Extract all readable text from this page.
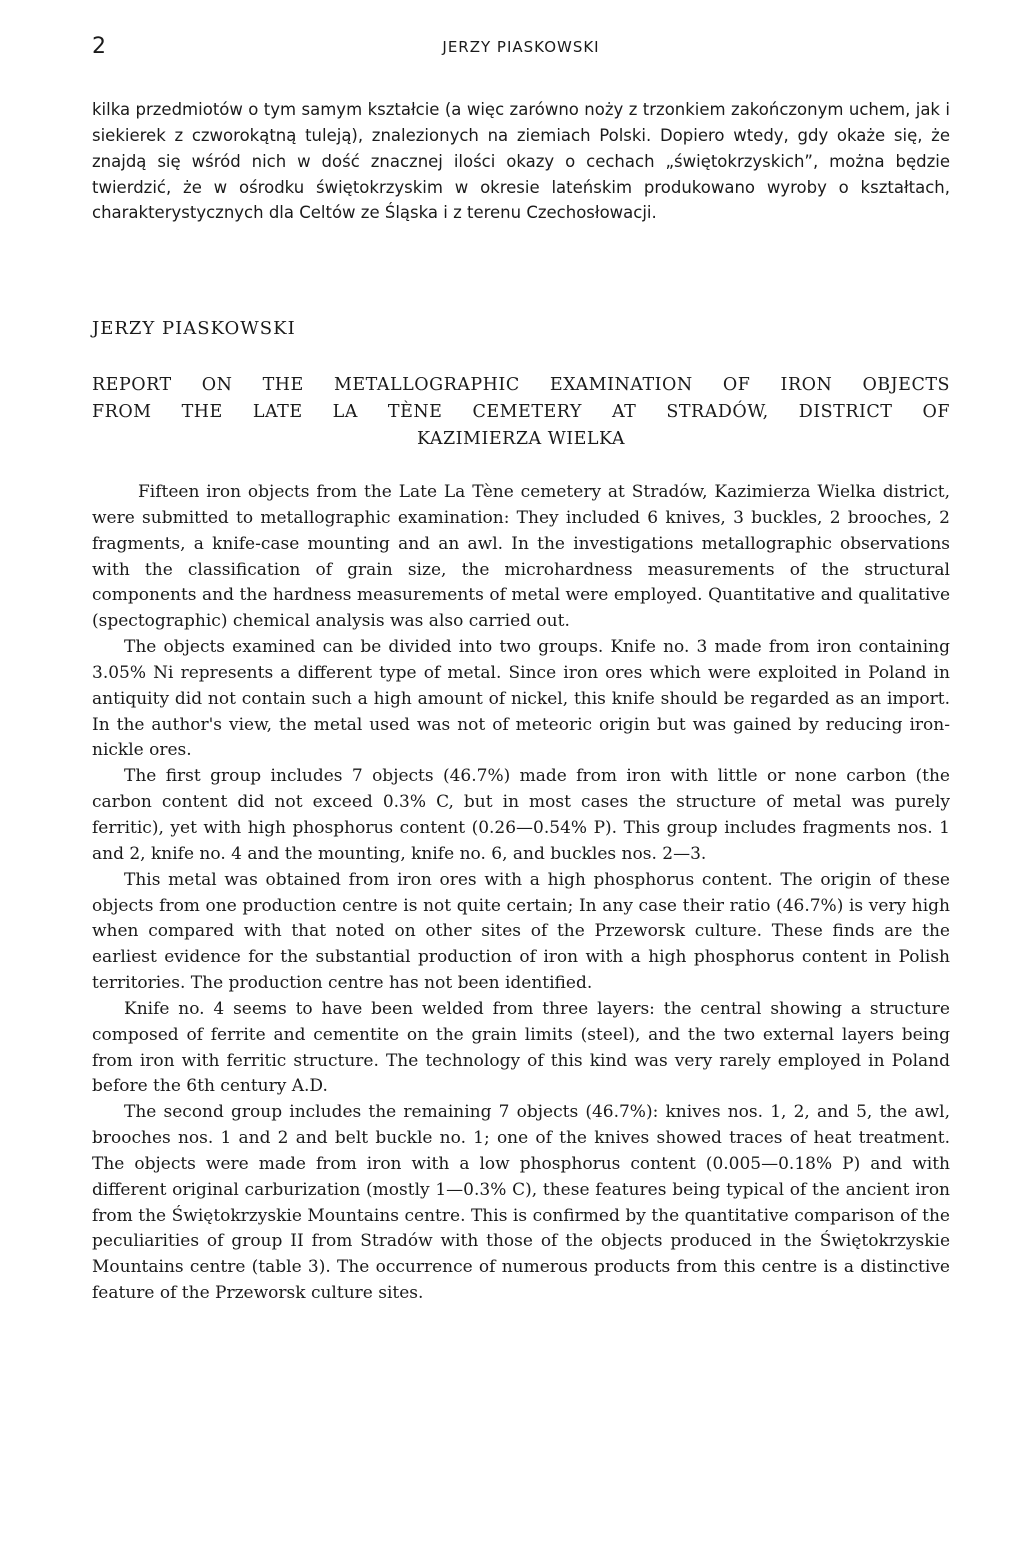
2	JERZY PIASKOWSKI
kilka przedmiotów o tym samym kształcie (a więc zarówno noży z trzonkiem zakończonym uchem, jak i siekierek z czworokątną tuleją), znalezionych na ziemiach Polski. Dopiero wtedy, gdy okaże się, że znajdą się wśród nich w dość znacznej ilości okazy o cechach „świętokrzyskich”, można będzie twierdzić, że w ośrodku świętokrzyskim w okresie lateńskim produkowano wyroby o kształtach, charakterystycznych dla Celtów ze Śląska i z terenu Czechosłowacji.
JERZY PIASKOWSKI
REPORT ON THE METALLOGRAPHIC EXAMINATION OF IRON OBJECTS
FROM THE LATE LA TÈNE CEMETERY AT STRADÓW, DISTRICT OF
KAZIMIERZA WIELKA

Fifteen iron objects from the Late La Tène cemetery at Stradów, Kazimierza Wielka district, were submitted to metallographic examination: They included 6 knives, 3 buckles, 2 brooches, 2 fragments, a knife-case mounting and an awl. In the investigations metallographic observations with the classification of grain size, the microhardness measurements of the structural components and the hardness measurements of metal were employed. Quantitative and qualitative (spectographic) chemical analysis was also carried out.

The objects examined can be divided into two groups. Knife no. 3 made from iron containing 3.05% Ni represents a different type of metal. Since iron ores which were exploited in Poland in antiquity did not contain such a high amount of nickel, this knife should be regarded as an import. In the author's view, the metal used was not of meteoric origin but was gained by reducing iron-nickle ores.

The first group includes 7 objects (46.7%) made from iron with little or none carbon (the carbon content did not exceed 0.3% C, but in most cases the structure of metal was purely ferritic), yet with high phosphorus content (0.26—0.54% P). This group includes fragments nos. 1 and 2, knife no. 4 and the mounting, knife no. 6, and buckles nos. 2—3.

This metal was obtained from iron ores with a high phosphorus content. The origin of these objects from one production centre is not quite certain; In any case their ratio (46.7%) is very high when compared with that noted on other sites of the Przeworsk culture. These finds are the earliest evidence for the substantial production of iron with a high phosphorus content in Polish territories. The production centre has not been identified.

Knife no. 4 seems to have been welded from three layers: the central showing a structure composed of ferrite and cementite on the grain limits (steel), and the two external layers being from iron with ferritic structure. The technology of this kind was very rarely employed in Poland before the 6th century A.D.

The second group includes the remaining 7 objects (46.7%): knives nos. 1, 2, and 5, the awl, brooches nos. 1 and 2 and belt buckle no. 1; one of the knives showed traces of heat treatment. The objects were made from iron with a low phosphorus content (0.005—0.18% P) and with different original carburization (mostly 1—0.3% C), these features being typical of the ancient iron from the Świętokrzyskie Mountains centre. This is confirmed by the quantitative comparison of the peculiarities of group II from Stradów with those of the objects produced in the Świętokrzyskie Mountains centre (table 3). The occurrence of numerous products from this centre is a distinctive feature of the Przeworsk culture sites.
